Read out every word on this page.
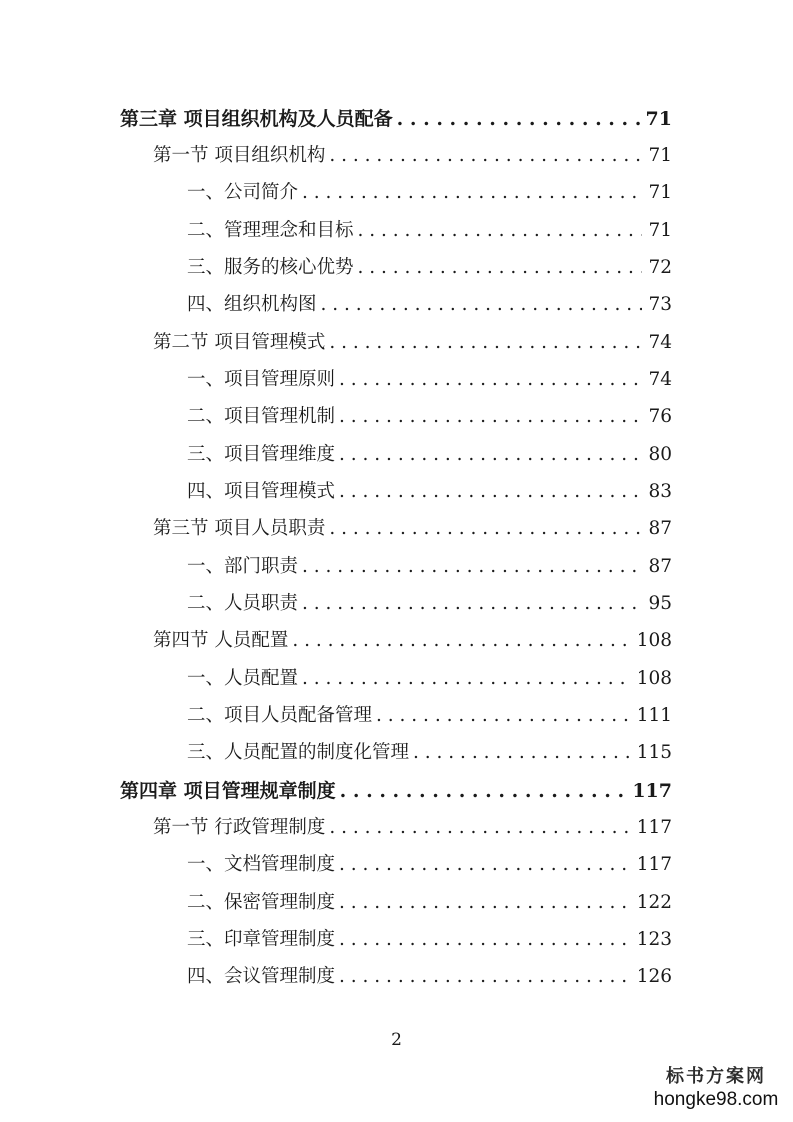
第三章 项目组织机构及人员配备 . . .	71
第一节 项目组织机构 . . .	71
一、公司简介 . . .	71
二、管理理念和目标 . . .	71
三、服务的核心优势 . . .	72
四、组织机构图 . . .	73
第二节 项目管理模式 . . .	74
一、项目管理原则 . . .	74
二、项目管理机制 . . .	76
三、项目管理维度 . . .	80
四、项目管理模式 . . .	83
第三节 项目人员职责 . . .	87
一、部门职责 . . .	87
二、人员职责 . . .	95
第四节 人员配置 . . .	108
一、人员配置 . . .	108
二、项目人员配备管理 . . .	111
三、人员配置的制度化管理 . . .	115
第四章 项目管理规章制度 . . .	117
第一节 行政管理制度 . . .	117
一、文档管理制度 . . .	117
二、保密管理制度 . . .	122
三、印章管理制度 . . .	123
四、会议管理制度 . . .	126
2
标书方案网
hongke98.com
